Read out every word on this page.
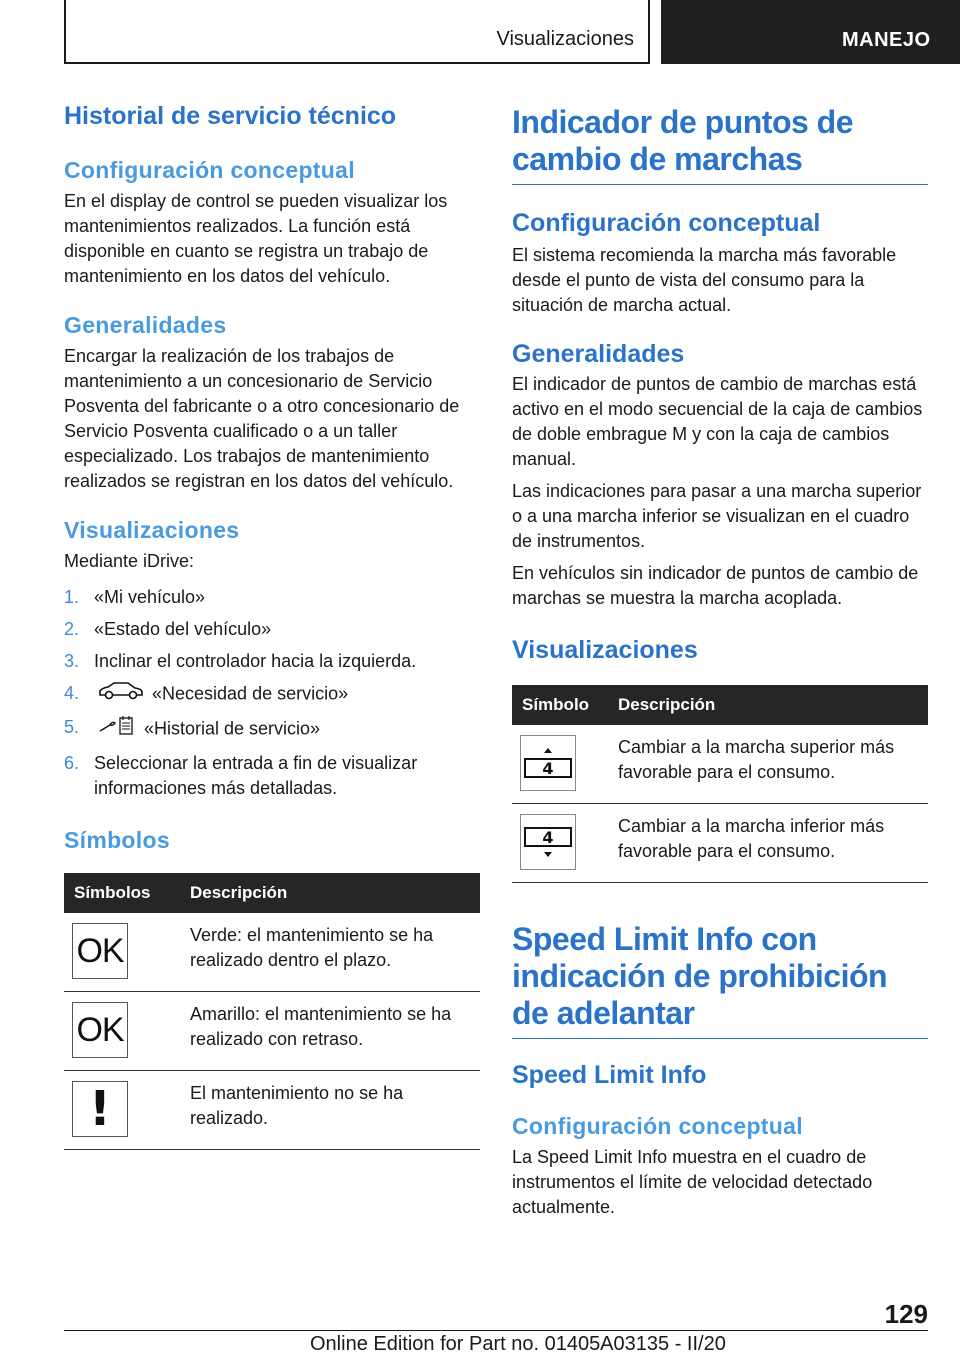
Visualizaciones	MANEJO
Historial de servicio técnico
Configuración conceptual

En el display de control se pueden visualizar los mantenimientos realizados. La función está disponible en cuanto se registra un trabajo de mantenimiento en los datos del vehículo.

Generalidades

Encargar la realización de los trabajos de mantenimiento a un concesionario de Servicio Posventa del fabricante o a otro concesionario de Servicio Posventa cualificado o a un taller especializado. Los trabajos de mantenimiento realizados se registran en los datos del vehículo.

Visualizaciones

Mediante iDrive:

1. «Mi vehículo»
2. «Estado del vehículo»
3. Inclinar el controlador hacia la izquierda.
4.	«Necesidad de servicio»
5.	«Historial de servicio»
6. Seleccionar la entrada a fin de visualizar informaciones más detalladas.
Símbolos
Símbolos	Descripción

OK	Verde: el mantenimiento se ha realizado dentro el plazo.

OK	Amarillo: el mantenimiento se ha realizado con retraso.

!	El mantenimiento no se ha realizado.
Indicador de puntos de cambio de marchas
Configuración conceptual

El sistema recomienda la marcha más favorable desde el punto de vista del consumo para la situación de marcha actual.

Generalidades

El indicador de puntos de cambio de marchas está activo en el modo secuencial de la caja de cambios de doble embrague M y con la caja de cambios manual.

Las indicaciones para pasar a una marcha superior o a una marcha inferior se visualizan en el cuadro de instrumentos.

En vehículos sin indicador de puntos de cambio de marchas se muestra la marcha acoplada.

Visualizaciones
Símbolo	Descripción

4	Cambiar a la marcha superior más favorable para el consumo.

4	Cambiar a la marcha inferior más favorable para el consumo.
Speed Limit Info con indicación de prohibición de adelantar
Speed Limit Info
Configuración conceptual

La Speed Limit Info muestra en el cuadro de instrumentos el límite de velocidad detectado actualmente.

129
Online Edition for Part no. 01405A03135 - II/20
